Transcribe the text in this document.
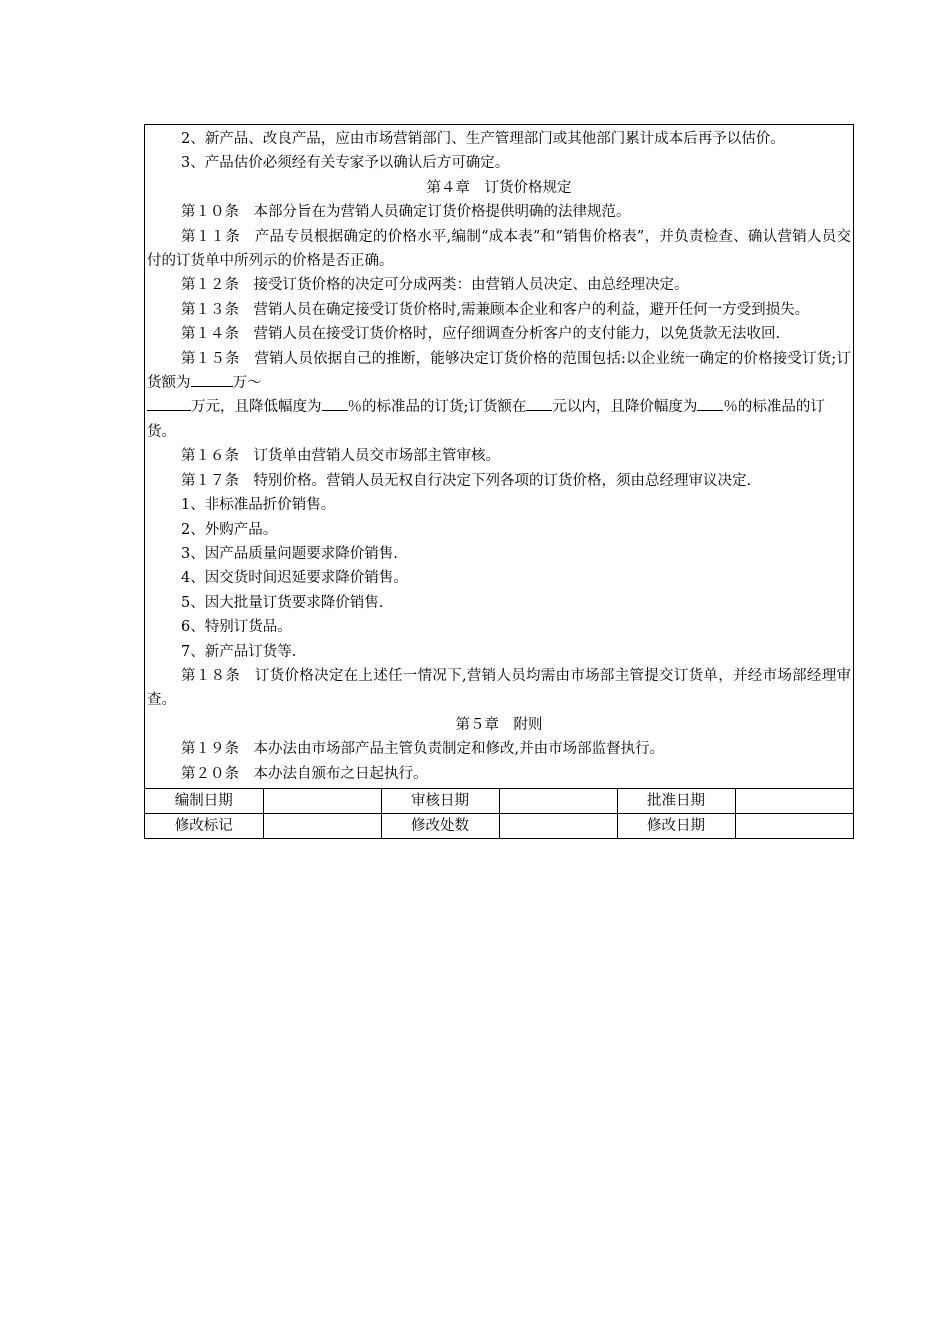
2、新产品、改良产品，应由市场营销部门、生产管理部门或其他部门累计成本后再予以估价。

3、产品估价必须经有关专家予以确认后方可确定。

第４章　订货价格规定

第１０条　本部分旨在为营销人员确定订货价格提供明确的法律规范。

第１１条　产品专员根据确定的价格水平,编制“成本表”和“销售价格表”，并负责检查、确认营销人员交付的订货单中所列示的价格是否正确。

第１２条　接受订货价格的决定可分成两类：由营销人员决定、由总经理决定。

第１３条　营销人员在确定接受订货价格时,需兼顾本企业和客户的利益，避开任何一方受到损失。

第１４条　营销人员在接受订货价格时，应仔细调查分析客户的支付能力，以免货款无法收回.

第１５条　营销人员依据自己的推断，能够决定订货价格的范围包括:以企业统一确定的价格接受订货;订货额为	万～

万元，且降低幅度为 ％的标准品的订货;订货额在 元以内，且降价幅度为 ％的标准品的订货。

第１６条　订货单由营销人员交市场部主管审核。

第１７条　特别价格。营销人员无权自行决定下列各项的订货价格，须由总经理审议决定.

1、非标准品折价销售。

2、外购产品。

3、因产品质量问题要求降价销售.

4、因交货时间迟延要求降价销售。

5、因大批量订货要求降价销售.

6、特别订货品。

7、新产品订货等.

第１８条　订货价格决定在上述任一情况下,营销人员均需由市场部主管提交订货单，并经市场部经理审查。

第５章　附则

第１９条　本办法由市场部产品主管负责制定和修改,并由市场部监督执行。

第２０条　本办法自颁布之日起执行。

编制日期		审核日期		批准日期	
修改标记		修改处数		修改日期	
